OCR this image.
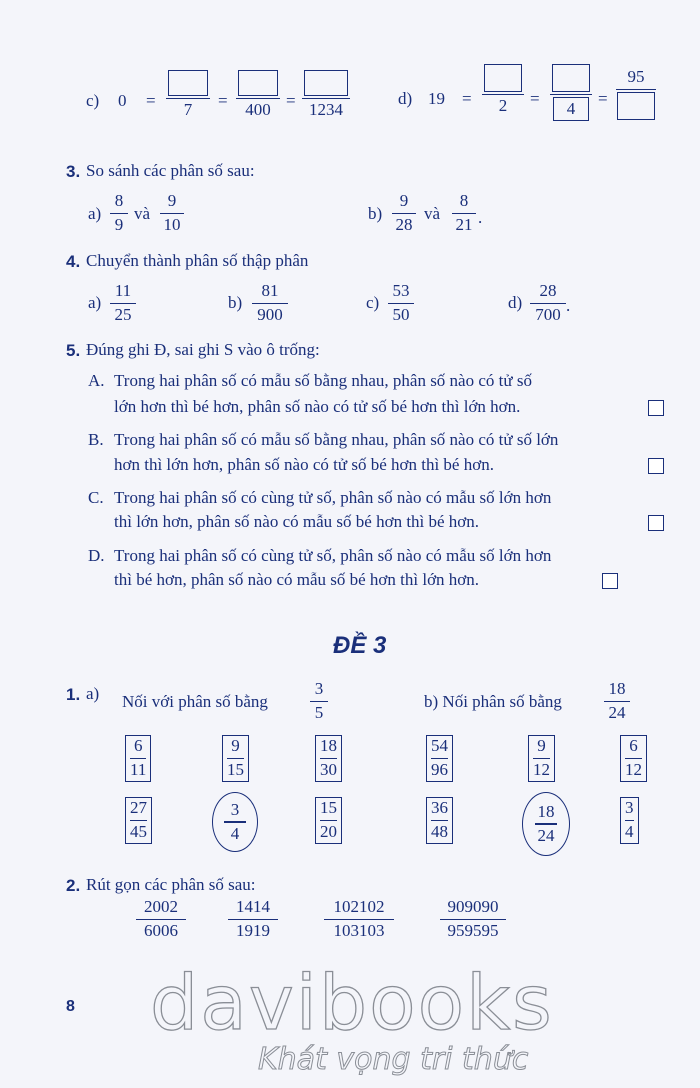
c) 0 = 7 = 400 = 1234
d) 19 = 2 =
4
=
95
3. So sánh các phân số sau:
a)
8
9
và
9
10
b)
9
28
và
8
21 .
4. Chuyển thành phân số thập phân
a)
11
25
b)
81
900
c)
53
50
d)
28
700 .
5. Đúng ghi Đ, sai ghi S vào ô trống:
A. Trong hai phân số có mẫu số bằng nhau, phân số nào có tử số
lớn hơn thì bé hơn, phân số nào có tử số bé hơn thì lớn hơn.
B. Trong hai phân số có mẫu số bằng nhau, phân số nào có tử số lớn
hơn thì lớn hơn, phân số nào có tử số bé hơn thì bé hơn.
C. Trong hai phân số có cùng tử số, phân số nào có mẫu số lớn hơn
thì lớn hơn, phân số nào có mẫu số bé hơn thì bé hơn.
D. Trong hai phân số có cùng tử số, phân số nào có mẫu số lớn hơn
thì bé hơn, phân số nào có mẫu số bé hơn thì lớn hơn.
ĐỀ 3
1. a) Nối với phân số bằng
3
5
b) Nối phân số bằng
18
24
6
11
9
15
18
30
54
96
9
12
6
12
27
45
3
4
15
20
36
48
18
24
3
4
2. Rút gọn các phân số sau:
2002
6006
1414
1919
102102
103103
909090
959595
8 davibooks
Khát vọng tri thức
